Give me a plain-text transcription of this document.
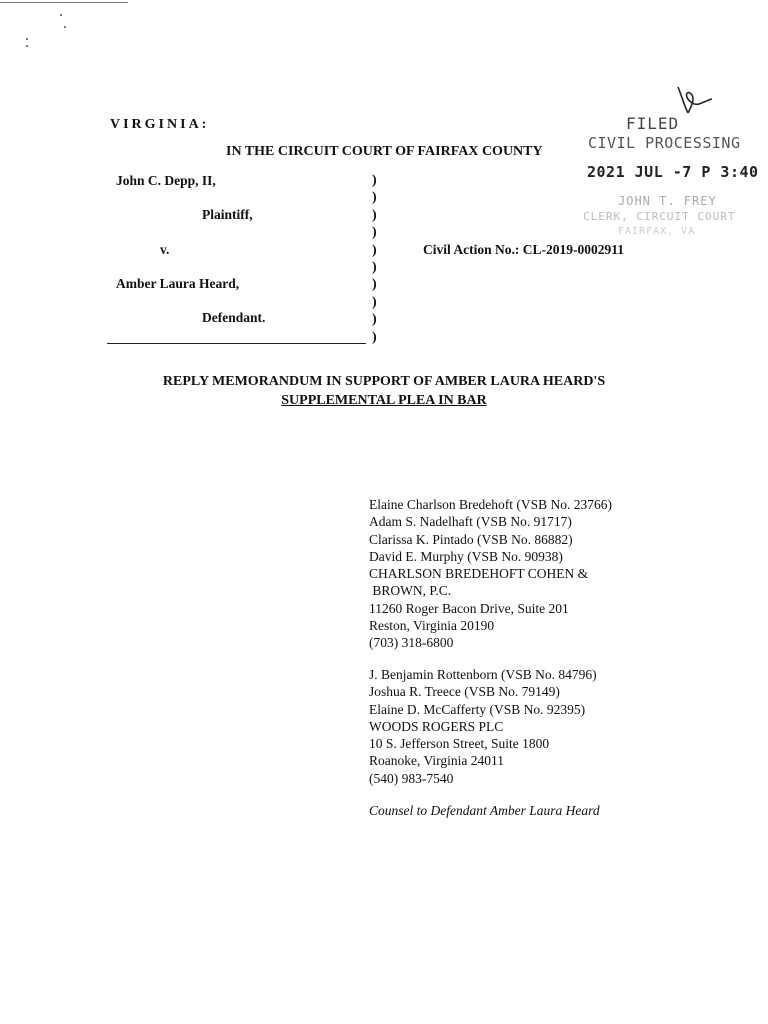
VIRGINIA:
IN THE CIRCUIT COURT OF FAIRFAX COUNTY
FILED
CIVIL PROCESSING
2021 JUL -7 P 3:40
JOHN T. FREY
CLERK, CIRCUIT COURT
FAIRFAX, VA
John C. Depp, II,
Plaintiff,
v.
Amber Laura Heard,
Defendant.
)
)
)
)
)
)
)
)
)
)
Civil Action No.: CL-2019-0002911
REPLY MEMORANDUM IN SUPPORT OF AMBER LAURA HEARD'S
SUPPLEMENTAL PLEA IN BAR
Elaine Charlson Bredehoft (VSB No. 23766)
Adam S. Nadelhaft (VSB No. 91717)
Clarissa K. Pintado (VSB No. 86882)
David E. Murphy (VSB No. 90938)
CHARLSON BREDEHOFT COHEN &
BROWN, P.C.
11260 Roger Bacon Drive, Suite 201
Reston, Virginia 20190
(703) 318-6800
J. Benjamin Rottenborn (VSB No. 84796)
Joshua R. Treece (VSB No. 79149)
Elaine D. McCafferty (VSB No. 92395)
WOODS ROGERS PLC
10 S. Jefferson Street, Suite 1800
Roanoke, Virginia 24011
(540) 983-7540
Counsel to Defendant Amber Laura Heard
